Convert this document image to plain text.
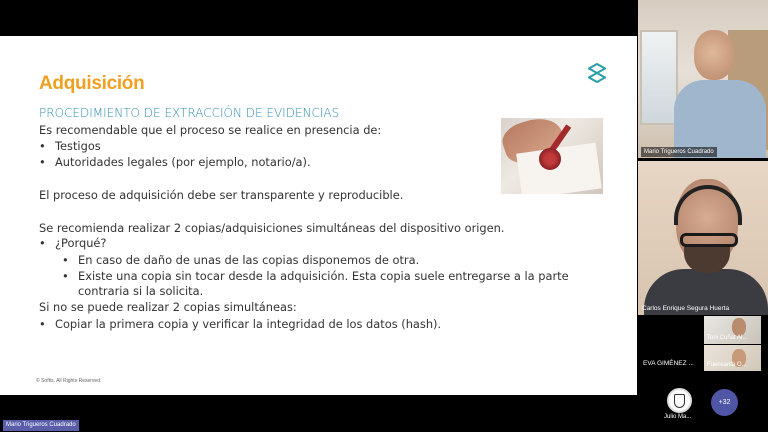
Adquisición
PROCEDIMIENTO DE EXTRACCIÓN DE EVIDENCIAS
Es recomendable que el proceso se realice en presencia de:
• Testigos
• Autoridades legales (por ejemplo, notario/a).
El proceso de adquisición debe ser transparente y reproducible.
Se recomienda realizar 2 copias/adquisiciones simultáneas del dispositivo origen.
• ¿Porqué?
• En caso de daño de unas de las copias disponemos de otra.
• Existe una copia sin tocar desde la adquisición. Esta copia suele entregarse a la parte contraria si la solicita.
Si no se puede realizar 2 copias simultáneas:
• Copiar la primera copia y verificar la integridad de los datos (hash).
© Softis. All Rights Reserved.
Mario Trigueros Cuadrado
Carlos Enrique Segura Huerta
Toni Cuñat Al...
Fuensanta O...
EVA GIMÉNEZ ...
+32
Julio Ma...
Mario Trigueros Cuadrado
